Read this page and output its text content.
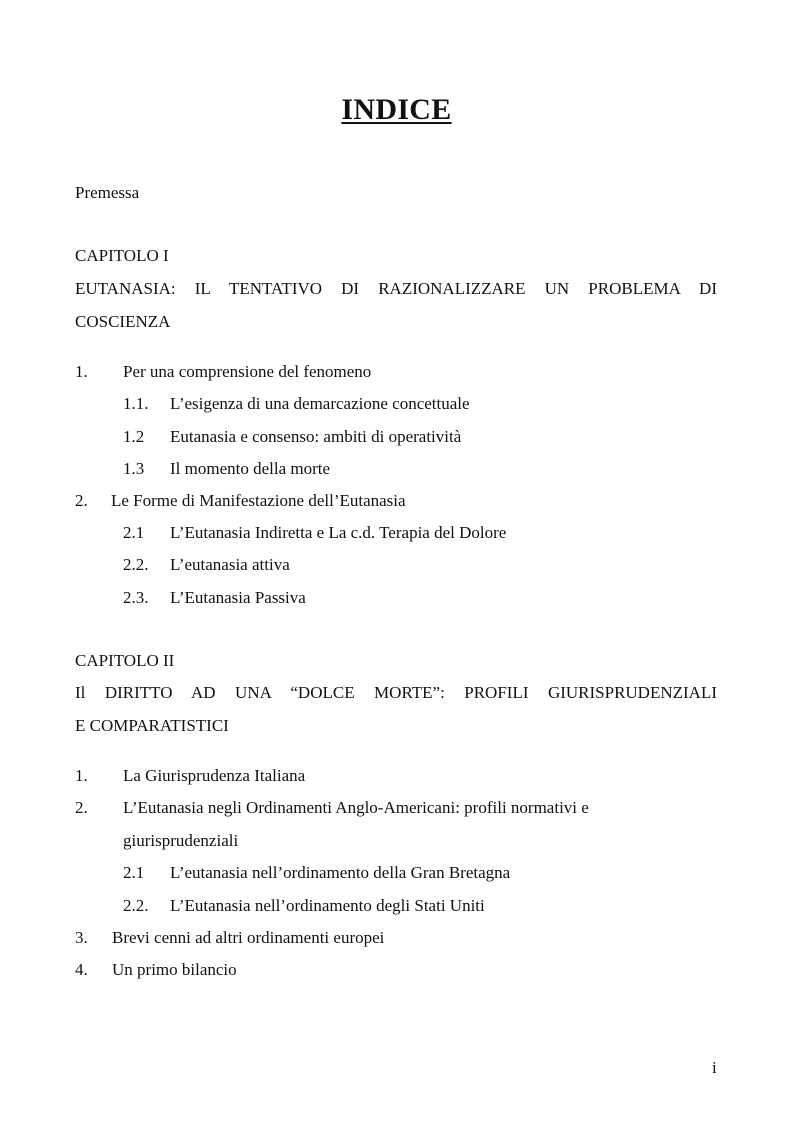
INDICE
Premessa
CAPITOLO I
EUTANASIA: IL TENTATIVO DI RAZIONALIZZARE UN PROBLEMA DI
COSCIENZA
1. Per una comprensione del fenomeno
1.1. L’esigenza di una demarcazione concettuale
1.2 Eutanasia e consenso: ambiti di operatività
1.3 Il momento della morte
2. Le Forme di Manifestazione dell’Eutanasia
2.1 L’Eutanasia Indiretta e La c.d. Terapia del Dolore
2.2. L’eutanasia attiva
2.3. L’Eutanasia Passiva
CAPITOLO II
Il DIRITTO AD UNA “DOLCE MORTE”: PROFILI GIURISPRUDENZIALI
E COMPARATISTICI
1. La Giurisprudenza Italiana
2. L’Eutanasia negli Ordinamenti Anglo-Americani: profili normativi e
giurisprudenziali
2.1 L’eutanasia nell’ordinamento della Gran Bretagna
2.2. L’Eutanasia nell’ordinamento degli Stati Uniti
3. Brevi cenni ad altri ordinamenti europei
4. Un primo bilancio
i
